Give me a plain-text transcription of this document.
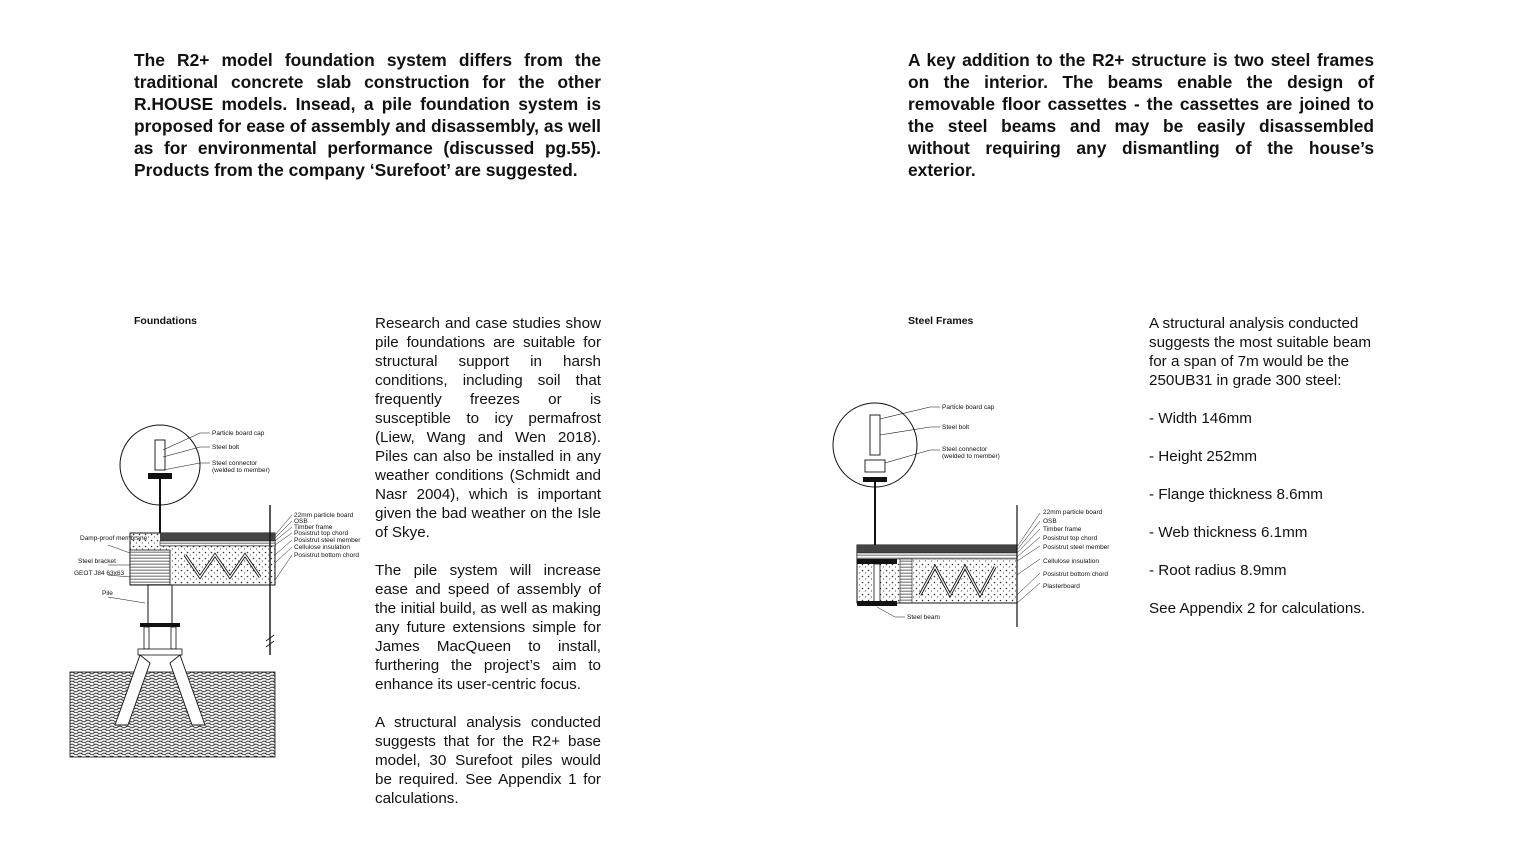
The R2+ model foundation system differs from the traditional concrete slab construction for the other R.HOUSE models. Insead, a pile foundation system is proposed for ease of assembly and disassembly, as well as for environmental performance (discussed pg.55). Products from the company ‘Surefoot’ are suggested.

Foundations	Research and case studies show pile foundations are suitable for structural support in harsh conditions, including soil that frequently freezes or is susceptible to icy permafrost (Liew, Wang and Wen 2018). Piles can also be installed in any weather conditions (Schmidt and Nasr 2004), which is important given the bad weather on the Isle of Skye.

The pile system will increase ease and speed of assembly of the initial build, as well as making any future extensions simple for James MacQueen to install, furthering the project’s aim to enhance its user-centric focus.

A structural analysis conducted suggests that for the R2+ base model, 30 Surefoot piles would be required. See Appendix 1 for calculations.

Particle board cap
Steel bolt
Steel connector
(welded to member)
22mm particle board
OSB
Timber frame
Posistrut top chord
Posistrut steel member
Cellulose insulation
Posistrut bottom chord
Damp-proof membrane
Steel bracket
GEOT J84 63x63
Pile

A key addition to the R2+ structure is two steel frames on the interior. The beams enable the design of removable floor cassettes - the cassettes are joined to the steel beams and may be easily disassembled without requiring any dismantling of the house’s exterior.

Steel Frames	A structural analysis conducted suggests the most suitable beam for a span of 7m would be the 250UB31 in grade 300 steel:

- Width 146mm

- Height 252mm

- Flange thickness 8.6mm

- Web thickness 6.1mm

- Root radius 8.9mm

See Appendix 2 for calculations.

Particle board cap
Steel bolt
Steel connector
(welded to member)
22mm particle board
OSB
Timber frame
Posistrut top chord
Posistrut steel member
Cellulose insulation
Posistrut bottom chord
Plasterboard
Steel beam
